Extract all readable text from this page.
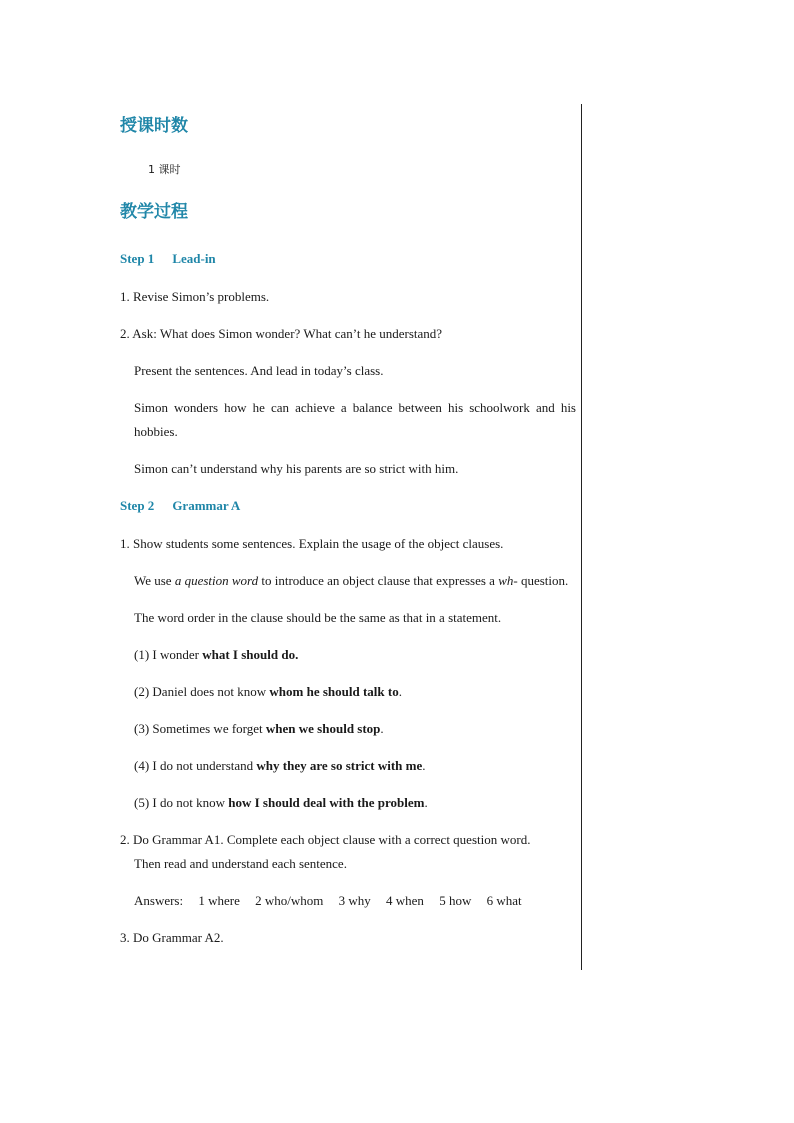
授课时数

1 课时

教学过程

Step 1 Lead-in

1. Revise Simon’s problems.

2. Ask: What does Simon wonder? What can’t he understand?

Present the sentences. And lead in today’s class.

Simon wonders how he can achieve a balance between his schoolwork and his hobbies.

Simon can’t understand why his parents are so strict with him.

Step 2 Grammar A

1. Show students some sentences. Explain the usage of the object clauses.

We use a question word to introduce an object clause that expresses a wh- question.

The word order in the clause should be the same as that in a statement.

(1) I wonder what I should do.

(2) Daniel does not know whom he should talk to.

(3) Sometimes we forget when we should stop.

(4) I do not understand why they are so strict with me.

(5) I do not know how I should deal with the problem.

2. Do Grammar A1. Complete each object clause with a correct question word.
Then read and understand each sentence.

Answers: 1 where 2 who/whom 3 why 4 when 5 how 6 what

3. Do Grammar A2.
